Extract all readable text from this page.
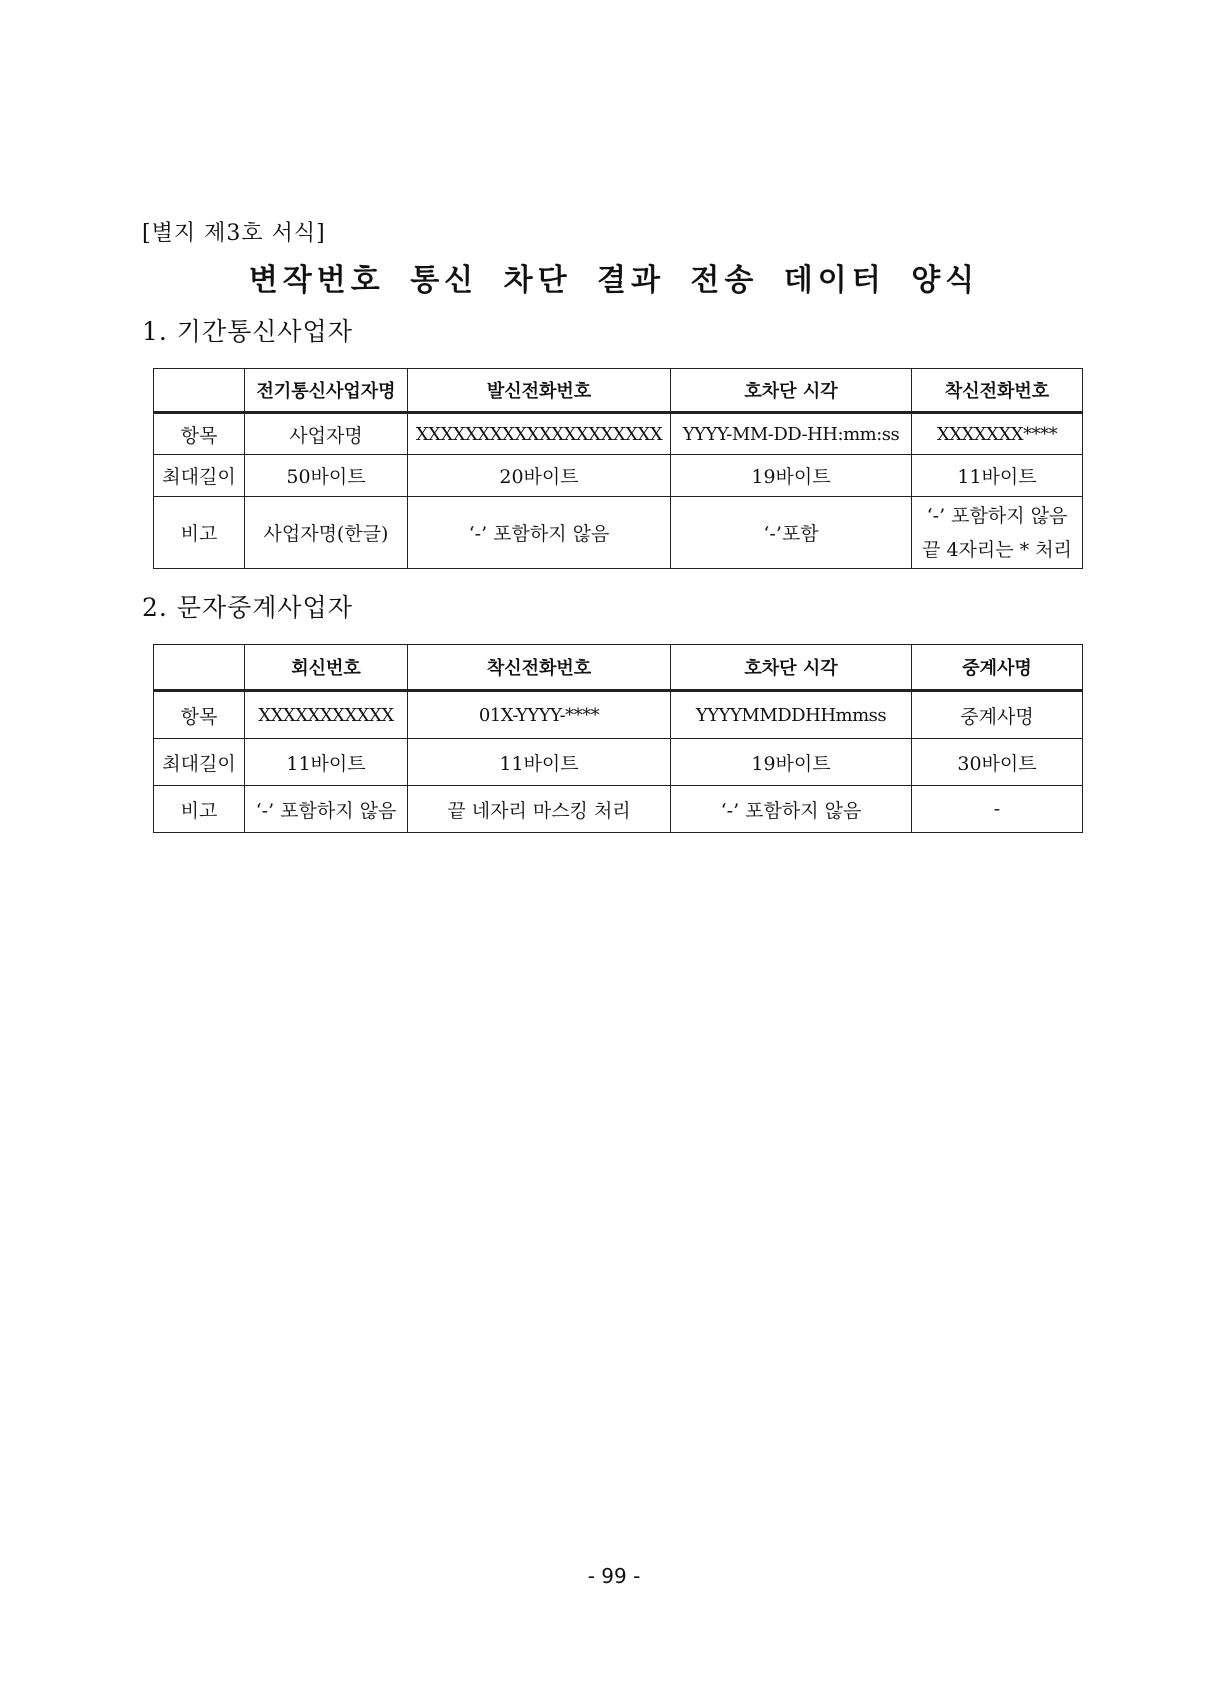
[별지 제3호 서식]
변작번호 통신 차단 결과 전송 데이터 양식
1. 기간통신사업자
	전기통신사업자명	발신전화번호	호차단 시각	착신전화번호
항목	사업자명	XXXXXXXXXXXXXXXXXXXX	YYYY-MM-DD-HH:mm:ss	XXXXXXX****
최대길이	50바이트	20바이트	19바이트	11바이트
비고	사업자명(한글)	‘-’ 포함하지 않음	‘-’포함	‘-’ 포함하지 않음
끝 4자리는 * 처리
2. 문자중계사업자
	회신번호	착신전화번호	호차단 시각	중계사명
항목	XXXXXXXXXXX	01X-YYYY-****	YYYYMMDDHHmmss	중계사명
최대길이	11바이트	11바이트	19바이트	30바이트
비고	‘-’ 포함하지 않음	끝 네자리 마스킹 처리	‘-’ 포함하지 않음	-
- 99 -
